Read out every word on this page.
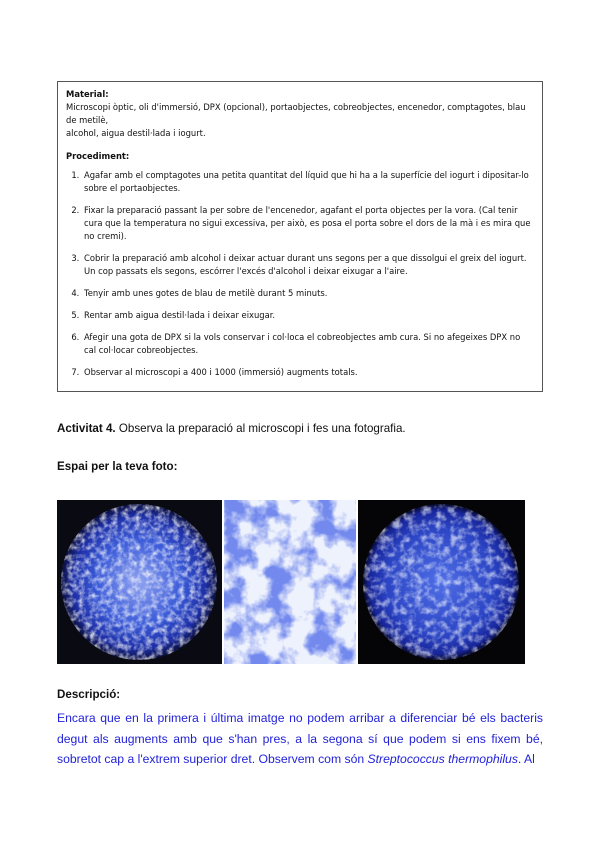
Material:

Microscopi òptic, oli d'immersió, DPX (opcional), portaobjectes, cobreobjectes, encenedor, comptagotes, blau de metilè,
alcohol, aigua destil·lada i iogurt.

Procediment:
1. Agafar amb el comptagotes una petita quantitat del líquid que hi ha a la superfície del iogurt i dipositar-lo sobre el portaobjectes.
2. Fixar la preparació passant la per sobre de l'encenedor, agafant el porta objectes per la vora. (Cal tenir cura que la temperatura no sigui excessiva, per això, es posa el porta sobre el dors de la mà i es mira que no cremi).
3. Cobrir la preparació amb alcohol i deixar actuar durant uns segons per a que dissolgui el greix del iogurt. Un cop passats els segons, escórrer l'excés d'alcohol i deixar eixugar a l'aire.
4. Tenyir amb unes gotes de blau de metilè durant 5 minuts.
5. Rentar amb aigua destil·lada i deixar eixugar.
6. Afegir una gota de DPX si la vols conservar i col·loca el cobreobjectes amb cura. Si no afegeixes DPX no cal col·locar cobreobjectes.
7. Observar al microscopi a 400 i 1000 (immersió) augments totals.

Activitat 4. Observa la preparació al microscopi i fes una fotografia.

Espai per la teva foto:

Descripció:

Encara que en la primera i última imatge no podem arribar a diferenciar bé els bacteris degut als augments amb que s'han pres, a la segona sí que podem si ens fixem bé, sobretot cap a l'extrem superior dret. Observem com són Streptococcus thermophilus. Al
